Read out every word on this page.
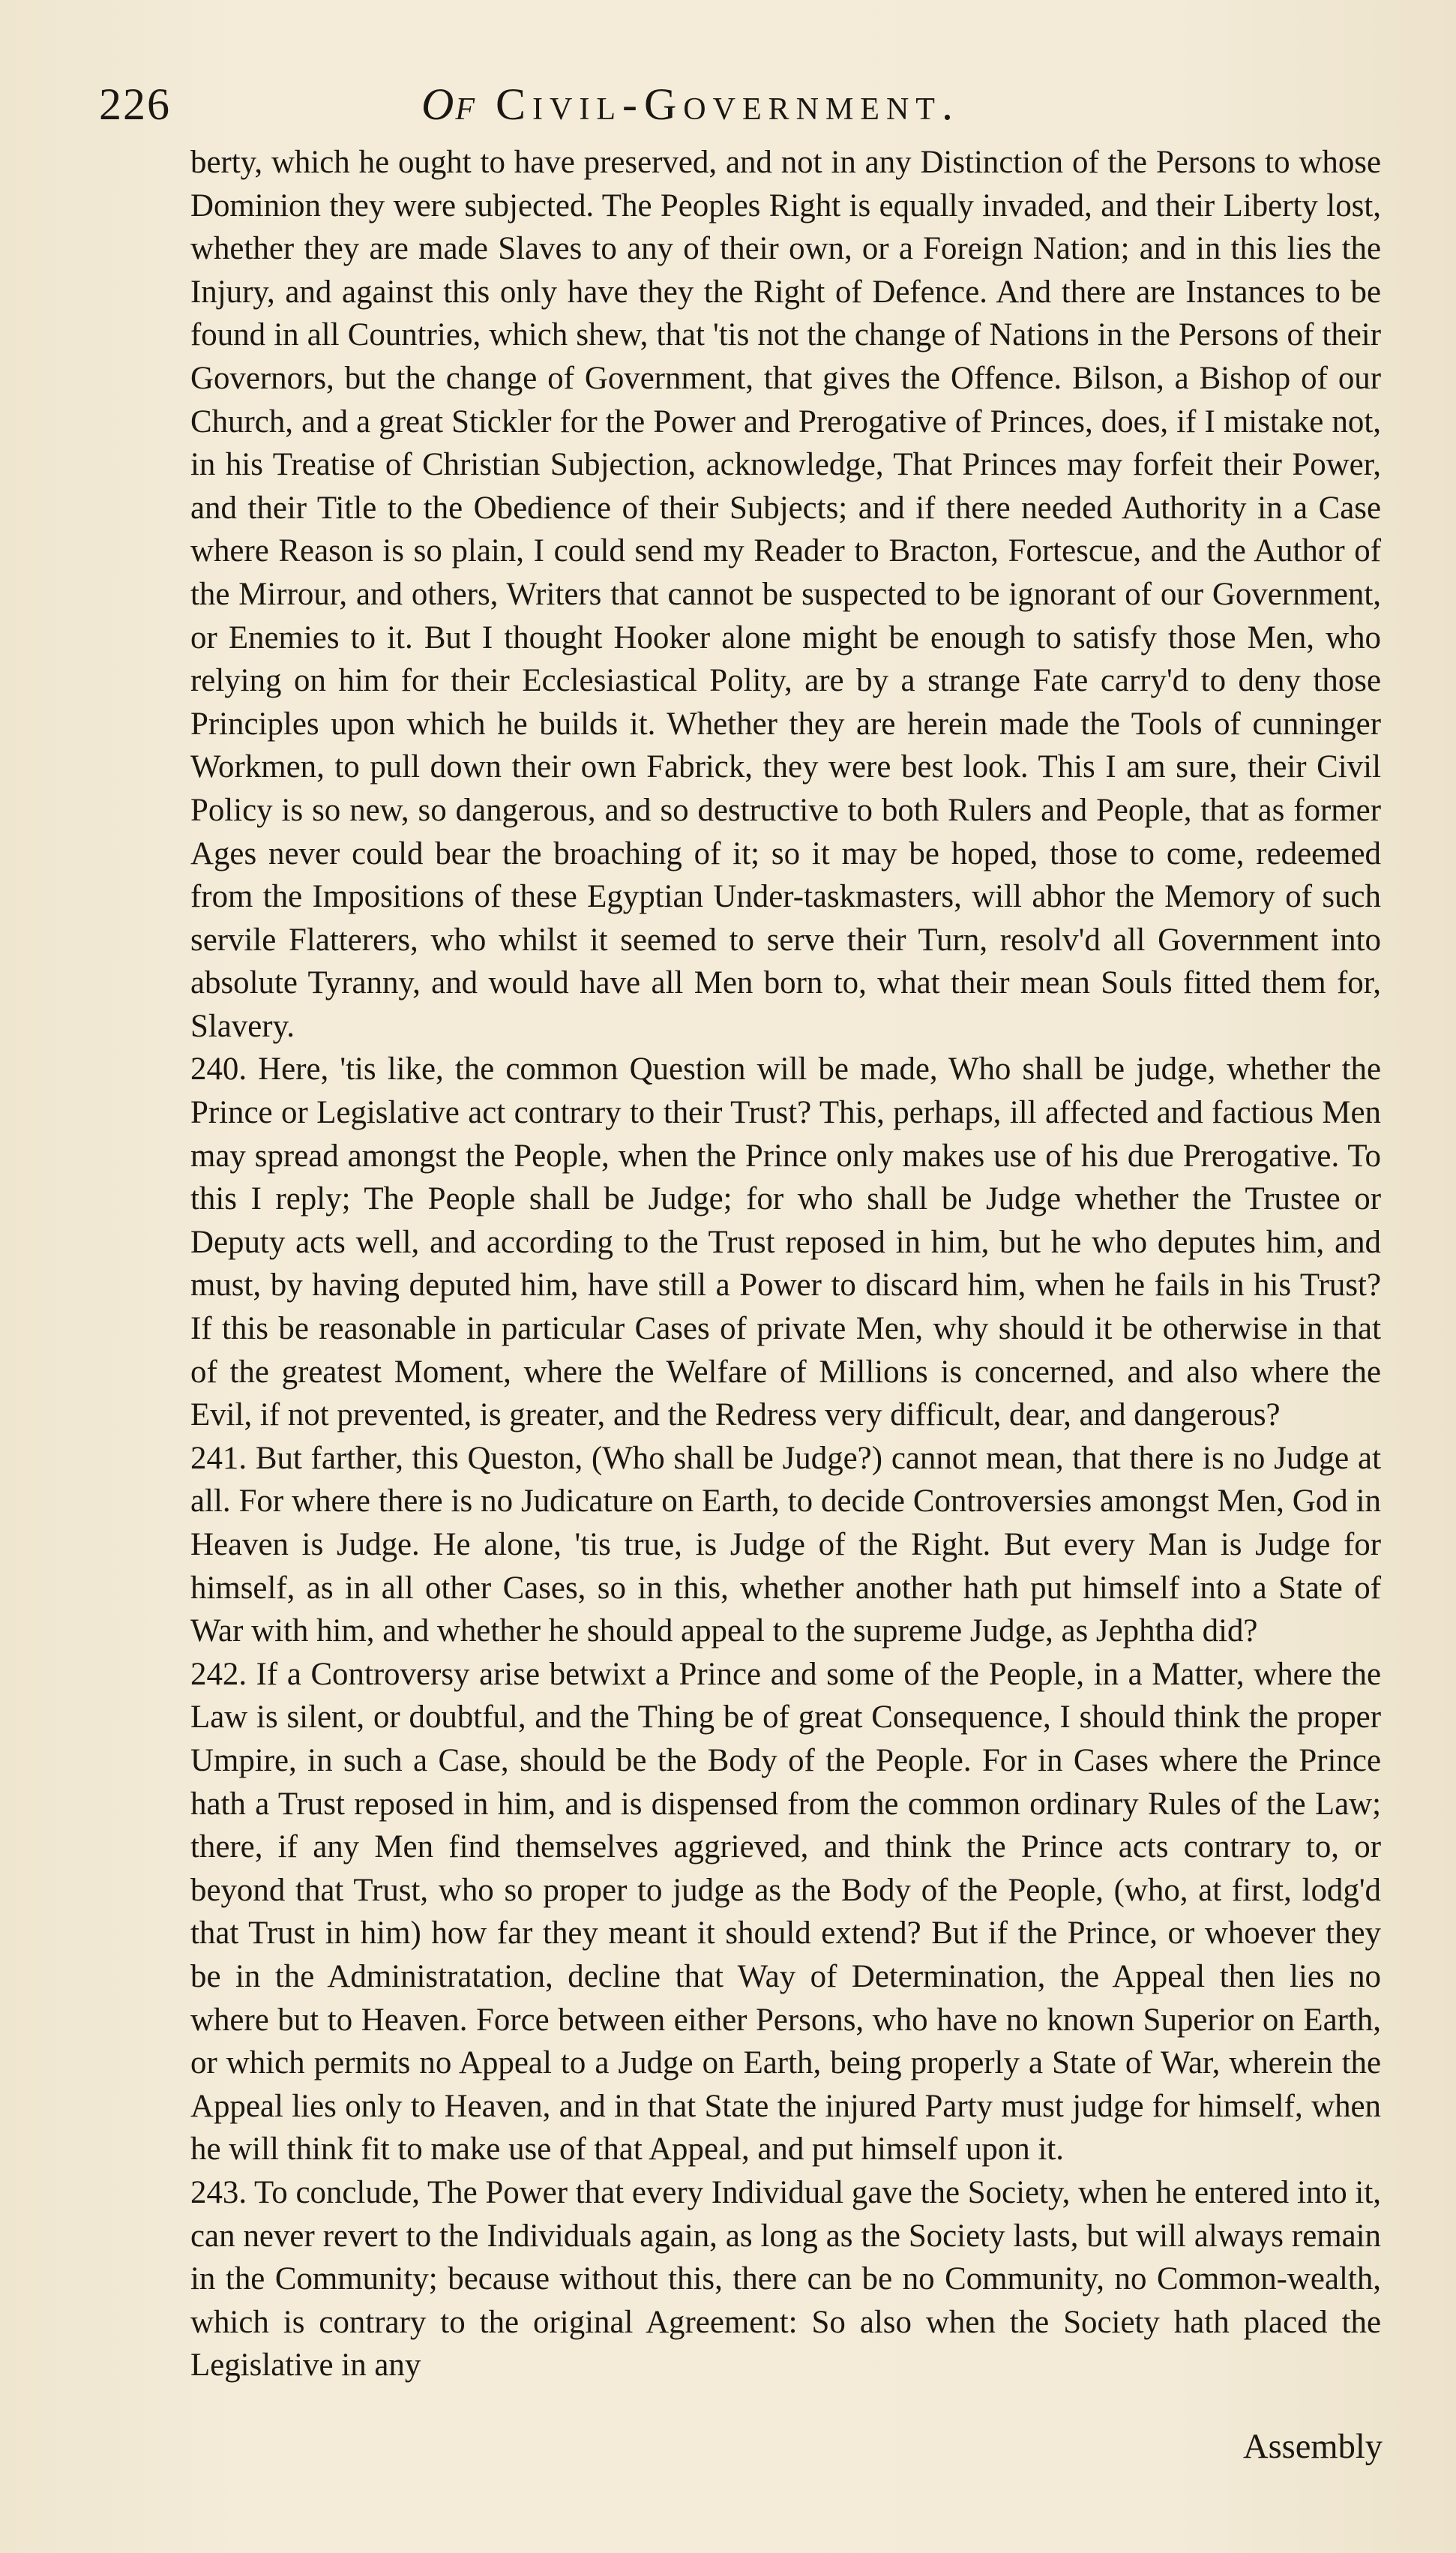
226	Of Civil-Government.

berty, which he ought to have preserved, and not in any Distinction of the Persons to whose Dominion they were subjected. The Peoples Right is equally invaded, and their Liberty lost, whether they are made Slaves to any of their own, or a Foreign Nation; and in this lies the Injury, and against this only have they the Right of Defence. And there are Instances to be found in all Countries, which shew, that 'tis not the change of Nations in the Persons of their Governors, but the change of Government, that gives the Offence. Bilson, a Bishop of our Church, and a great Stickler for the Power and Prerogative of Princes, does, if I mistake not, in his Treatise of Christian Subjection, acknowledge, That Princes may forfeit their Power, and their Title to the Obedience of their Subjects; and if there needed Authority in a Case where Reason is so plain, I could send my Reader to Bracton, Fortescue, and the Author of the Mirrour, and others, Writers that cannot be suspected to be ignorant of our Government, or Enemies to it. But I thought Hooker alone might be enough to satisfy those Men, who relying on him for their Ecclesiastical Polity, are by a strange Fate carry'd to deny those Principles upon which he builds it. Whether they are herein made the Tools of cunninger Workmen, to pull down their own Fabrick, they were best look. This I am sure, their Civil Policy is so new, so dangerous, and so destructive to both Rulers and People, that as former Ages never could bear the broaching of it; so it may be hoped, those to come, redeemed from the Impositions of these Egyptian Under-taskmasters, will abhor the Memory of such servile Flatterers, who whilst it seemed to serve their Turn, resolv'd all Government into absolute Tyranny, and would have all Men born to, what their mean Souls fitted them for, Slavery.

240. Here, 'tis like, the common Question will be made, Who shall be judge, whether the Prince or Legislative act contrary to their Trust? This, perhaps, ill affected and factious Men may spread amongst the People, when the Prince only makes use of his due Prerogative. To this I reply; The People shall be Judge; for who shall be Judge whether the Trustee or Deputy acts well, and according to the Trust reposed in him, but he who deputes him, and must, by having deputed him, have still a Power to discard him, when he fails in his Trust? If this be reasonable in particular Cases of private Men, why should it be otherwise in that of the greatest Moment, where the Welfare of Millions is concerned, and also where the Evil, if not prevented, is greater, and the Redress very difficult, dear, and dangerous?

241. But farther, this Queston, (Who shall be Judge?) cannot mean, that there is no Judge at all. For where there is no Judicature on Earth, to decide Controversies amongst Men, God in Heaven is Judge. He alone, 'tis true, is Judge of the Right. But every Man is Judge for himself, as in all other Cases, so in this, whether another hath put himself into a State of War with him, and whether he should appeal to the supreme Judge, as Jephtha did?

242. If a Controversy arise betwixt a Prince and some of the People, in a Matter, where the Law is silent, or doubtful, and the Thing be of great Consequence, I should think the proper Umpire, in such a Case, should be the Body of the People. For in Cases where the Prince hath a Trust reposed in him, and is dispensed from the common ordinary Rules of the Law; there, if any Men find themselves aggrieved, and think the Prince acts contrary to, or beyond that Trust, who so proper to judge as the Body of the People, (who, at first, lodg'd that Trust in him) how far they meant it should extend? But if the Prince, or whoever they be in the Administratation, decline that Way of Determination, the Appeal then lies no where but to Heaven. Force between either Persons, who have no known Superior on Earth, or which permits no Appeal to a Judge on Earth, being properly a State of War, wherein the Appeal lies only to Heaven, and in that State the injured Party must judge for himself, when he will think fit to make use of that Appeal, and put himself upon it.

243. To conclude, The Power that every Individual gave the Society, when he entered into it, can never revert to the Individuals again, as long as the Society lasts, but will always remain in the Community; because without this, there can be no Community, no Common-wealth, which is contrary to the original Agreement: So also when the Society hath placed the Legislative in any

Assembly
